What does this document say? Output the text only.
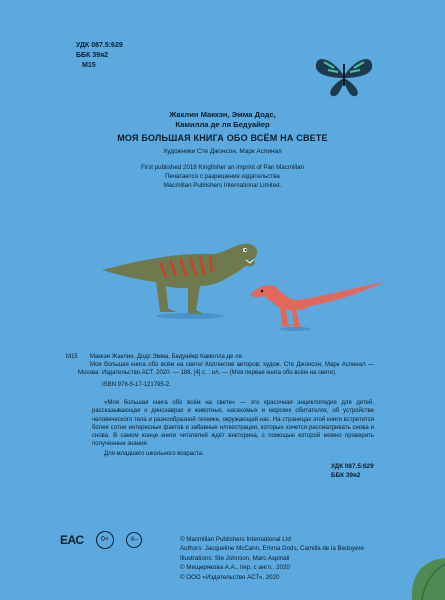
УДК 087.5:629
ББК 39я2
M15
Жаклин Маккэн, Эмма Додс,
Камилла де ля Бедуайер
МОЯ БОЛЬШАЯ КНИГА ОБО ВСЁМ НА СВЕТЕ
Художники Сте Джонсон, Марк Аспинал
First published 2018 Kingfisher an imprint of Pan Macmillan
Печатается с разрешения издательства
Macmillan Publishers International Limited.
M15	Маккэн Жаклин, Додс Эмма, Бедуайер Камилла де ля.

Моя большая книга обо всём на свете/ Коллектив авторов; худож. Сте Джонсон, Марк Аспинал — Москва: Издательство АСТ, 2020. — 188, [4] с. : ил. — (Моя первая книга обо всём на свете).

ISBN 978-5-17-121795-2.

«Моя большая книга обо всём на свете» — это красочная энциклопедия для детей, рассказывающая о динозаврах и животных, насекомых и морских обитателях, об устройстве человеческого тела и разнообразной технике, окружающей нас. На страницах этой книги встретится более сотни интересных фактов и забавные иллюстрации, которые хочется рассматривать снова и снова. В самом конце книги читателей ждёт викторина, с помощью которой можно проверить полученные знания.
Для младшего школьного возраста.
УДК 087.5:629
ББК 39я2
ЕАС 0+	6–	© Macmillan Publishers International Ltd
Authors: Jacqueline McCann, Emma Dods, Camilla de la Bedoyere
Illustrations: Ste Johnson, Marc Aspinall
© Мещерякова А.А., пер. с англ., 2020
© ООО «Издательство АСТ», 2020
